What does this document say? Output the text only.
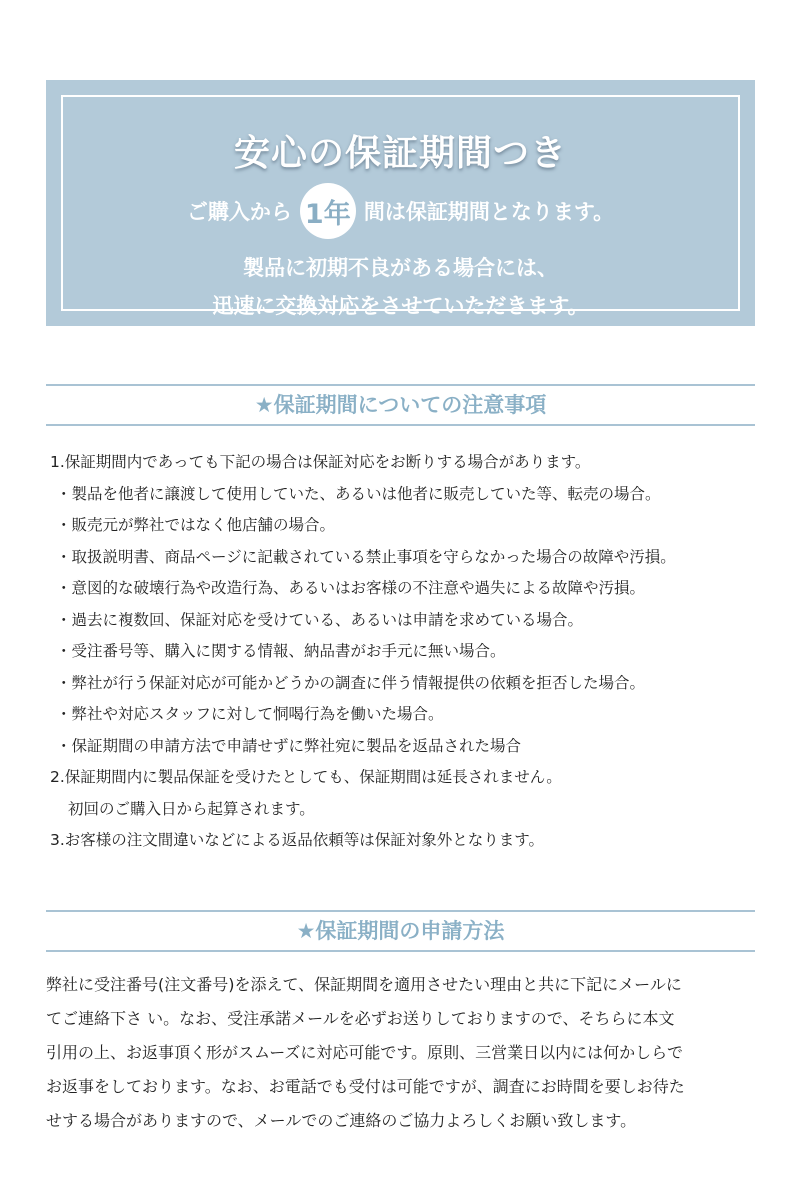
安心の保証期間つき
ご購入から 1年 間は保証期間となります。
製品に初期不良がある場合には、
迅速に交換対応をさせていただきます。
★保証期間についての注意事項
1.保証期間内であっても下記の場合は保証対応をお断りする場合があります。
・製品を他者に譲渡して使用していた、あるいは他者に販売していた等、転売の場合。
・販売元が弊社ではなく他店舗の場合。
・取扱説明書、商品ページに記載されている禁止事項を守らなかった場合の故障や汚損。
・意図的な破壊行為や改造行為、あるいはお客様の不注意や過失による故障や汚損。
・過去に複数回、保証対応を受けている、あるいは申請を求めている場合。
・受注番号等、購入に関する情報、納品書がお手元に無い場合。
・弊社が行う保証対応が可能かどうかの調査に伴う情報提供の依頼を拒否した場合。
・弊社や対応スタッフに対して恫喝行為を働いた場合。
・保証期間の申請方法で申請せずに弊社宛に製品を返品された場合
2.保証期間内に製品保証を受けたとしても、保証期間は延長されません。
初回のご購入日から起算されます。
3.お客様の注文間違いなどによる返品依頼等は保証対象外となります。
★保証期間の申請方法
弊社に受注番号(注文番号)を添えて、保証期間を適用させたい理由と共に下記にメールに
てご連絡下さ い。なお、受注承諾メールを必ずお送りしておりますので、そちらに本文
引用の上、お返事頂く形がスムーズに対応可能です。原則、三営業日以内には何かしらで
お返事をしております。なお、お電話でも受付は可能ですが、調査にお時間を要しお待た
せする場合がありますので、メールでのご連絡のご協力よろしくお願い致します。
